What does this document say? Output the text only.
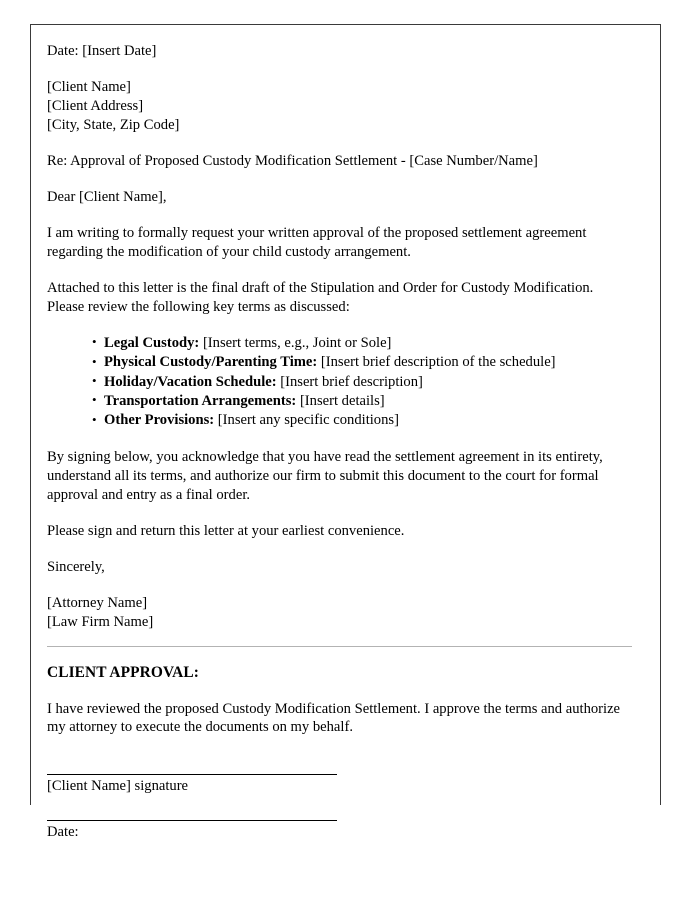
Date: [Insert Date]

[Client Name]

[Client Address]

[City, State, Zip Code]

Re: Approval of Proposed Custody Modification Settlement - [Case Number/Name]

Dear [Client Name],

I am writing to formally request your written approval of the proposed settlement agreement regarding the modification of your child custody arrangement.

Attached to this letter is the final draft of the Stipulation and Order for Custody Modification. Please review the following key terms as discussed:

• Legal Custody: [Insert terms, e.g., Joint or Sole]
• Physical Custody/Parenting Time: [Insert brief description of the schedule]
• Holiday/Vacation Schedule: [Insert brief description]
• Transportation Arrangements: [Insert details]
• Other Provisions: [Insert any specific conditions]

By signing below, you acknowledge that you have read the settlement agreement in its entirety, understand all its terms, and authorize our firm to submit this document to the court for formal approval and entry as a final order.

Please sign and return this letter at your earliest convenience.

Sincerely,

[Attorney Name]

[Law Firm Name]

CLIENT APPROVAL:

I have reviewed the proposed Custody Modification Settlement. I approve the terms and authorize my attorney to execute the documents on my behalf.

[Client Name] signature

Date:
